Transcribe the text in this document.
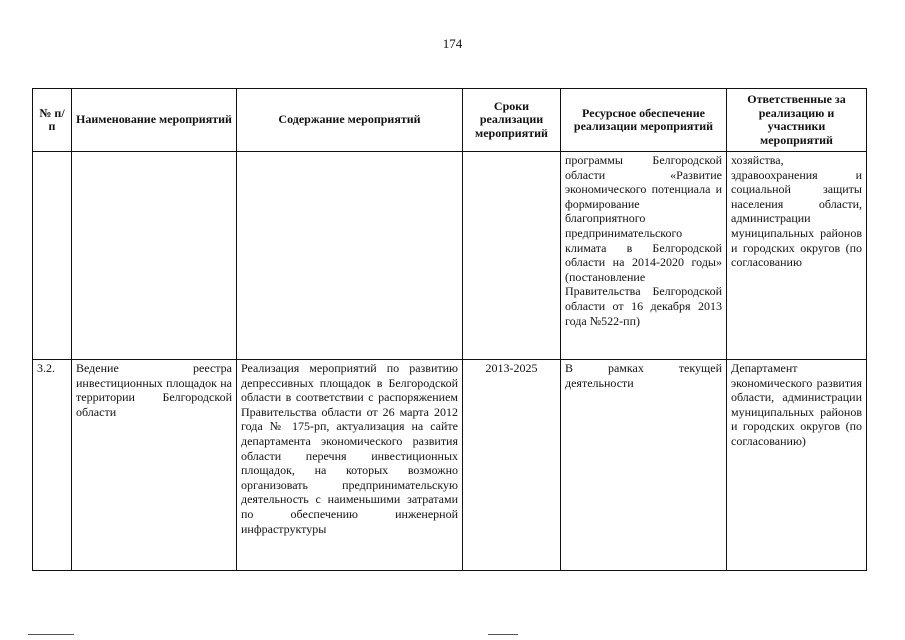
174
№ п/п	Наименование мероприятий	Содержание мероприятий	Сроки реализации мероприятий	Ресурсное обеспечение реализации мероприятий	Ответственные за реализацию и участники мероприятий
				программы Белгородской области «Развитие экономического потенциала и формирование благоприятного предпринимательского климата в Белгородской области на 2014-2020 годы» (постановление Правительства Белгородской области от 16 декабря 2013 года №522-пп)	хозяйства, здравоохранения и социальной защиты населения области, администрации муниципальных районов и городских округов (по согласованию
3.2.	Ведение реестра инвестиционных площадок на территории Белгородской области	Реализация мероприятий по развитию депрессивных площадок в Белгородской области в соответствии с распоряжением Правительства области от 26 марта 2012 года № 175-рп, актуализация на сайте департамента экономического развития области перечня инвестиционных площадок, на которых возможно организовать предпринимательскую деятельность с наименьшими затратами по обеспечению инженерной инфраструктуры	2013-2025	В рамках текущей деятельности	Департамент экономического развития области, администрации муниципальных районов и городских округов (по согласованию)
